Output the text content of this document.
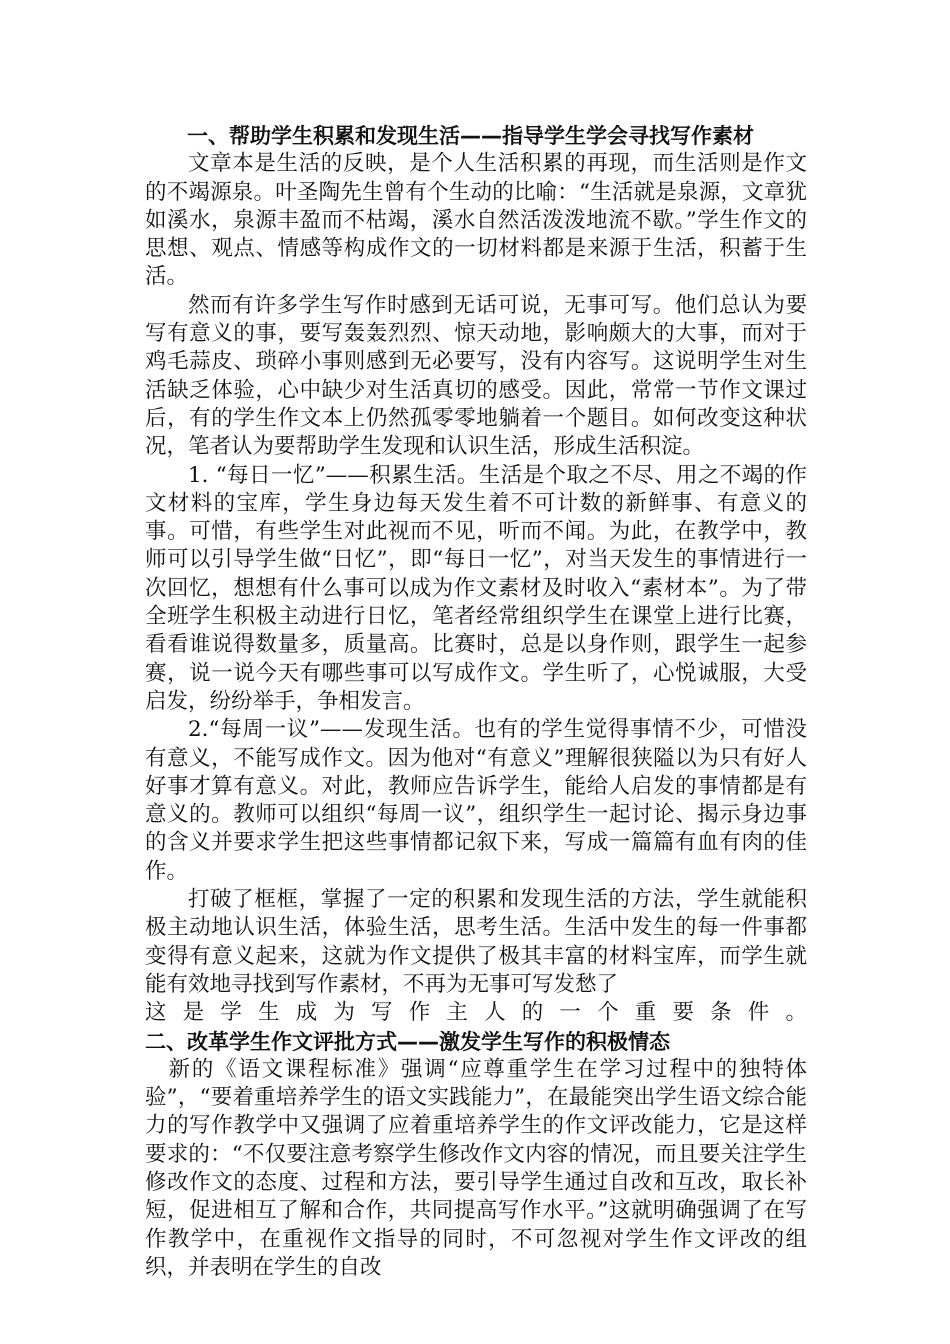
一、帮助学生积累和发现生活——指导学生学会寻找写作素材

文章本是生活的反映，是个人生活积累的再现，而生活则是作文的不竭源泉。叶圣陶先生曾有个生动的比喻：“生活就是泉源，文章犹如溪水，泉源丰盈而不枯竭，溪水自然活泼泼地流不歇。”学生作文的思想、观点、情感等构成作文的一切材料都是来源于生活，积蓄于生活。

然而有许多学生写作时感到无话可说，无事可写。他们总认为要写有意义的事，要写轰轰烈烈、惊天动地，影响颇大的大事，而对于鸡毛蒜皮、琐碎小事则感到无必要写，没有内容写。这说明学生对生活缺乏体验，心中缺少对生活真切的感受。因此，常常一节作文课过后，有的学生作文本上仍然孤零零地躺着一个题目。如何改变这种状况，笔者认为要帮助学生发现和认识生活，形成生活积淀。

1. “每日一忆”——积累生活。生活是个取之不尽、用之不竭的作文材料的宝库，学生身边每天发生着不可计数的新鲜事、有意义的事。可惜，有些学生对此视而不见，听而不闻。为此，在教学中，教师可以引导学生做“日忆”，即“每日一忆”，对当天发生的事情进行一次回忆，想想有什么事可以成为作文素材及时收入“素材本”。为了带全班学生积极主动进行日忆，笔者经常组织学生在课堂上进行比赛，看看谁说得数量多，质量高。比赛时，总是以身作则，跟学生一起参赛，说一说今天有哪些事可以写成作文。学生听了，心悦诚服，大受启发，纷纷举手，争相发言。

2.“每周一议”——发现生活。也有的学生觉得事情不少，可惜没有意义，不能写成作文。因为他对“有意义”理解很狭隘以为只有好人好事才算有意义。对此，教师应告诉学生，能给人启发的事情都是有意义的。教师可以组织“每周一议”，组织学生一起讨论、揭示身边事的含义并要求学生把这些事情都记叙下来，写成一篇篇有血有肉的佳作。

打破了框框，掌握了一定的积累和发现生活的方法，学生就能积极主动地认识生活，体验生活，思考生活。生活中发生的每一件事都变得有意义起来，这就为作文提供了极其丰富的材料宝库，而学生就能有效地寻找到写作素材，不再为无事可写发愁了

这是学生成为写作主人的一个重要条件。

二、改革学生作文评批方式——激发学生写作的积极情态

新的《语文课程标准》强调“应尊重学生在学习过程中的独特体验”，“要着重培养学生的语文实践能力”，在最能突出学生语文综合能力的写作教学中又强调了应着重培养学生的作文评改能力，它是这样要求的：“不仅要注意考察学生修改作文内容的情况，而且要关注学生修改作文的态度、过程和方法，要引导学生通过自改和互改，取长补短，促进相互了解和合作，共同提高写作水平。”这就明确强调了在写作教学中，在重视作文指导的同时，不可忽视对学生作文评改的组织，并表明在学生的自改
